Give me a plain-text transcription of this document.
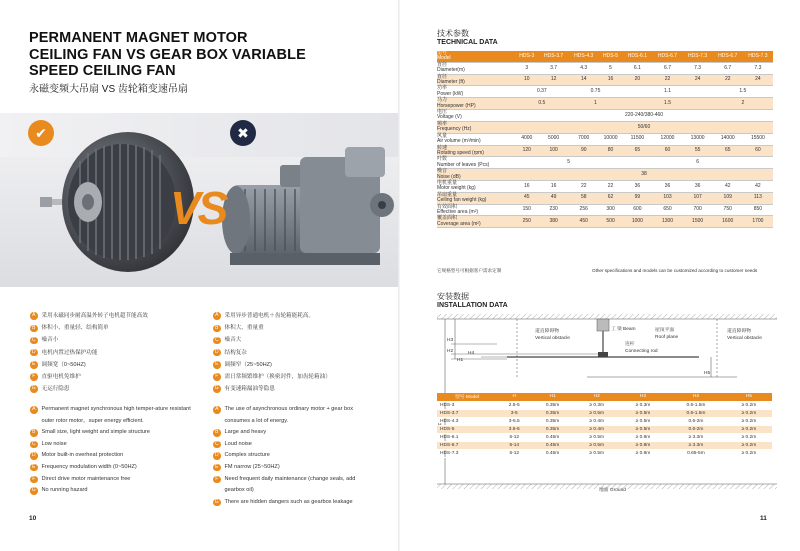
PERMANENT MAGNET MOTOR
CEILING FAN VS GEAR BOX VARIABLE
SPEED CEILING FAN
永磁变频大吊扇 VS 齿轮箱变速吊扇
✔	✖
VS
A	采用永磁同步耐高温外转子电机超节能高效
B	体积小、重量轻、结构简单
C	噪音小
D	电机内置过热保护功能
E	调频宽（0~50HZ)
F	直驱电机免维护
G	无运行隐患
A	采用异步普通电机＋齿轮箱能耗高。
B	体积大、重量重
C	噪音大
D	结构复杂
E	调频窄（25~50HZ)
F	需日常频繁维护（换密封件，加齿轮箱油）
G	有变速箱漏油等隐患
A	Permanent magnet synchronous high temper-ature resistant outer rotor motor，super energy efficient.
B	Small size, light weight and simple structure
C	Low noise
D	Motor built-in overheat protection
E	Frequency modulation width (0~50HZ)
F	Direct drive motor maintenance free
G	No running hazard
A	The use of asynchronous ordinary motor + gear box consumes a lot of energy.
B	Large and heavy
C	Loud noise
D	Complex structure
E	FM narrow (25~50HZ)
F	Need frequent daily maintenance (change seals, add gearbox oil)
G	There are hidden dangers such as gearbox leakage
10
技术参数
TECHNICAL DATA
型号
Model	HDS-3	HDS-3.7	HDS-4.3	HDS-5	HDS-6.1	HDS-6.7	HDS-7.3	HDS-6.7	HDS-7.3

直径
Diameter(m)	3	3.7	4.3	5	6.1	6.7	7.3	6.7	7.3

直径
Diameter (ft)	10	12	14	16	20	22	24	22	24

功率
Power (kW)	0.37		0.75		1.1			1.5	

马力
Horsepower (HP)	0.5		1		1.5			2	

电压
Voltage (V)	220-240/380-460								

频率
Frequency (Hz)	50/60								

风量
Air volume (m³/min)	4000	5000	7000	10000	11500	12000	13000	14000	15500

转速
Rotating speed (rpm)	120	100	90	80	65	60	55	65	60

叶数
Number of leaves (Pcs)	5				6				

噪音
Noise (dB)	38								

电机重量
Motor weight (kg)	16	16	22	22	36	36	36	42	42

吊扇重量
Ceiling fan weight (kg)	45	49	58	62	99	103	107	109	113

有效面积
Effective area (m²)	150	230	256	300	600	650	700	750	850

覆盖面积
Coverage area (m²)	250	380	450	500	1000	1300	1500	1600	1700
它规格型号可根据客户需求定制	Other specifications and models can be customized according to customer needs
安装数据
INSTALLATION DATA
H3
H2
H1
H4
H5
道直障碍物
Vertical obstacle
工 梁 Beam	屋顶平面
Roof plane
道直障碍物
Vertical obstacle
连杆
Connecting rod
地面 Ground
型号 Model	H	H1	H2	H3	H4	H5
HDS-3	2.5-5	0.35m	≥ 0.3m	≥ 0.3m	0.6-1.5m	≥ 0.2m
HDS-3.7	3-5	0.35m	≥ 0.5m	≥ 0.5m	0.6-1.5m	≥ 0.2m
HDS-4.3	3-5.5	0.35m	≥ 0.4m	≥ 0.5m	0.6-2m	≥ 0.2m
HDS-5	3.6-6	0.35m	≥ 0.4m	≥ 0.5m	0.6-2m	≥ 0.2m
HDS-6.1	5-12	0.45m	≥ 0.5m	≥ 0.8m	≥ 3.3m	≥ 0.2m
HDS-6.7	5-14	0.45m	≥ 0.5m	≥ 0.8m	≥ 3.3m	≥ 0.2m
HDS-7.3	5-12	0.45m	≥ 0.5m	≥ 0.8m	0.65-5m	≥ 0.2m
11
